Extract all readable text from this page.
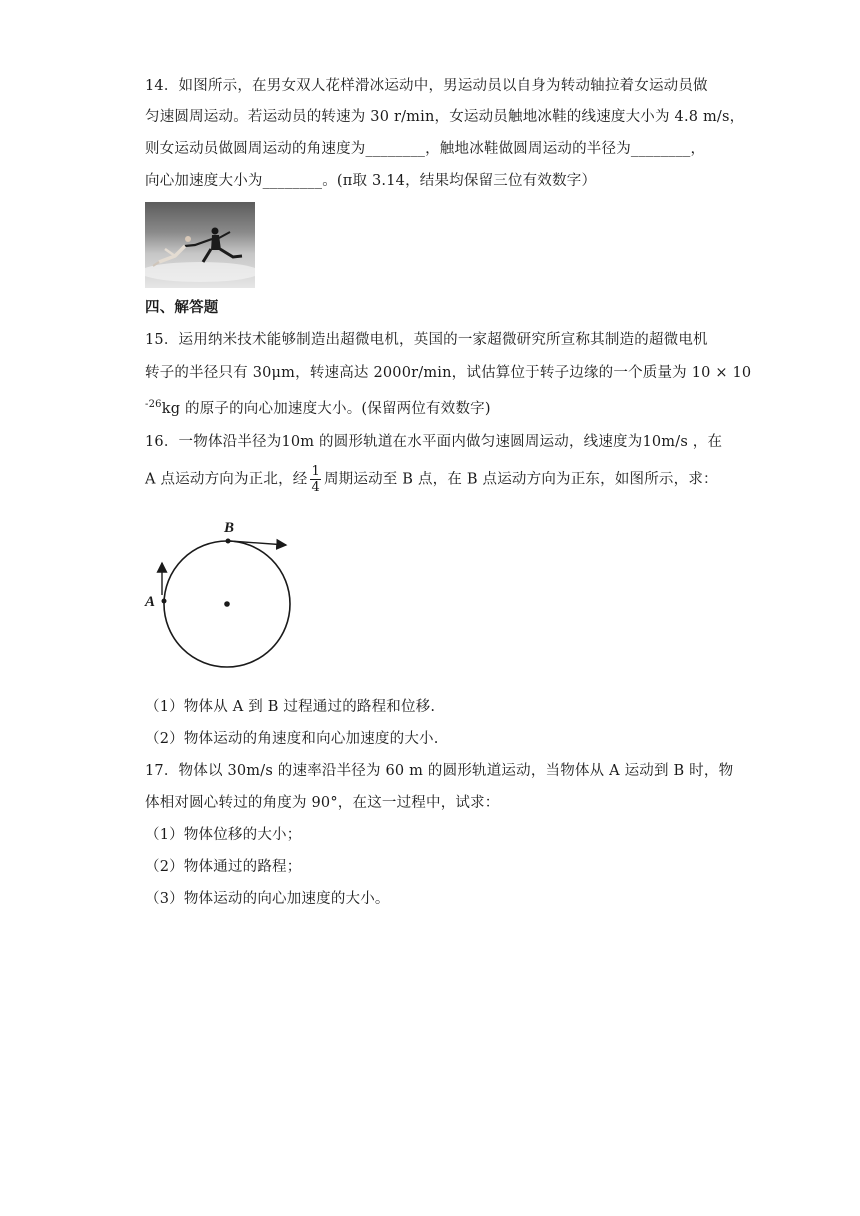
14．如图所示，在男女双人花样滑冰运动中，男运动员以自身为转动轴拉着女运动员做
匀速圆周运动。若运动员的转速为 30 r/min，女运动员触地冰鞋的线速度大小为 4.8 m/s，
则女运动员做圆周运动的角速度为________，触地冰鞋做圆周运动的半径为________，
向心加速度大小为________。(π取 3.14，结果均保留三位有效数字）
四、解答题
15．运用纳米技术能够制造出超微电机，英国的一家超微研究所宣称其制造的超微电机
转子的半径只有 30μm，转速高达 2000r/min，试估算位于转子边缘的一个质量为 10 × 10
$^{-26}$kg 的原子的向心加速度大小。(保留两位有效数字)
16．一物体沿半径为10m 的圆形轨道在水平面内做匀速圆周运动，线速度为10m/s ，在
A 点运动方向为正北，经 $\frac{1}{4}$ 周期运动至 B 点，在 B 点运动方向为正东，如图所示，求：
A
B
（1）物体从 A 到 B 过程通过的路程和位移.
（2）物体运动的角速度和向心加速度的大小.
17．物体以 30m/s 的速率沿半径为 60 m 的圆形轨道运动，当物体从 A 运动到 B 时，物
体相对圆心转过的角度为 90°，在这一过程中，试求：
（1）物体位移的大小；
（2）物体通过的路程；
（3）物体运动的向心加速度的大小。
